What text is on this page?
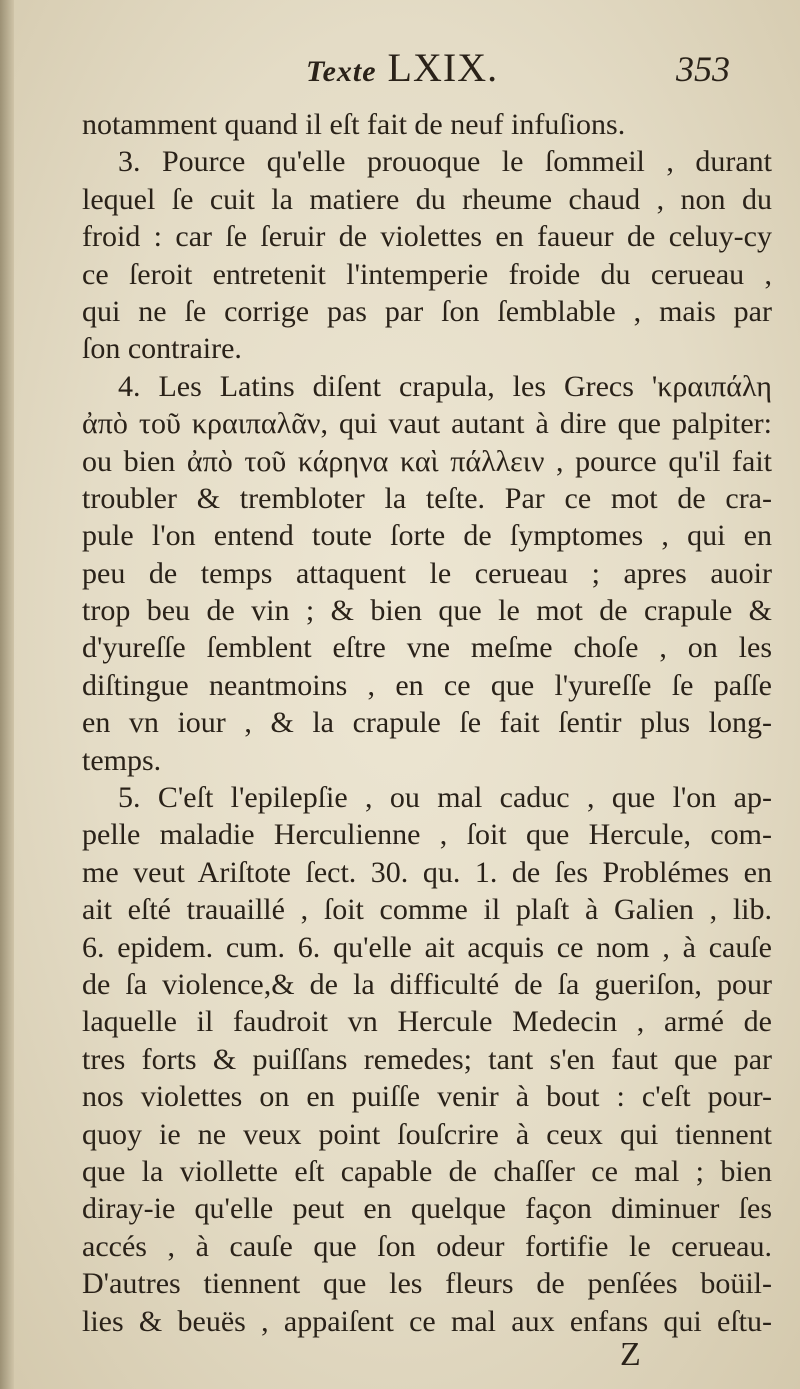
Texte LXIX.	353
notamment quand il eſt fait de neuf infuſions.
3. Pource qu'elle prouoque le ſommeil , durant
lequel ſe cuit la matiere du rheume chaud , non du
froid : car ſe ſeruir de violettes en faueur de celuy-cy
ce ſeroit entretenit l'intemperie froide du cerueau ,
qui ne ſe corrige pas par ſon ſemblable , mais par
ſon contraire.
4. Les Latins diſent crapula, les Grecs 'κραιπάλη
ἀπὸ τοῦ κραιπαλᾶν, qui vaut autant à dire que palpiter:
ou bien ἀπὸ τοῦ κάρηνα καὶ πάλλειν , pource qu'il fait
troubler & trembloter la teſte. Par ce mot de cra-
pule l'on entend toute ſorte de ſymptomes , qui en
peu de temps attaquent le cerueau ; apres auoir
trop beu de vin ; & bien que le mot de crapule &
d'yureſſe ſemblent eſtre vne meſme choſe , on les
diſtingue neantmoins , en ce que l'yureſſe ſe paſſe
en vn iour , & la crapule ſe fait ſentir plus long-
temps.
5. C'eſt l'epilepſie , ou mal caduc , que l'on ap-
pelle maladie Herculienne , ſoit que Hercule, com-
me veut Ariſtote ſect. 30. qu. 1. de ſes Problémes en
ait eſté trauaillé , ſoit comme il plaſt à Galien , lib.
6. epidem. cum. 6. qu'elle ait acquis ce nom , à cauſe
de ſa violence,& de la difficulté de ſa gueriſon, pour
laquelle il faudroit vn Hercule Medecin , armé de
tres forts & puiſſans remedes; tant s'en faut que par
nos violettes on en puiſſe venir à bout : c'eſt pour-
quoy ie ne veux point ſouſcrire à ceux qui tiennent
que la viollette eſt capable de chaſſer ce mal ; bien
diray-ie qu'elle peut en quelque façon diminuer ſes
accés , à cauſe que ſon odeur fortifie le cerueau.
D'autres tiennent que les fleurs de penſées boüil-
lies & beuës , appaiſent ce mal aux enfans qui eſtu-
Z
